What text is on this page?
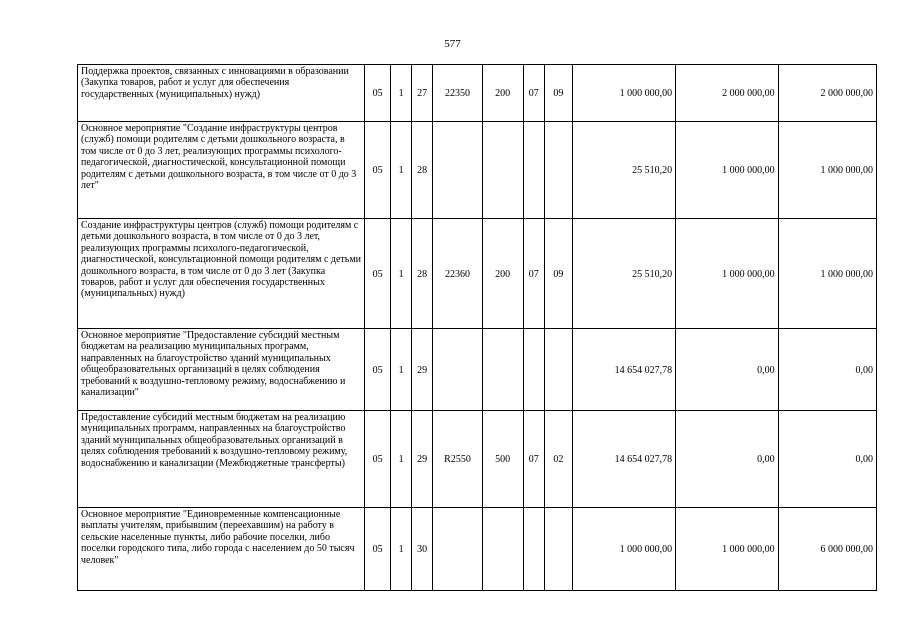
577
Поддержка проектов, связанных с инновациями в образовании (Закупка товаров, работ и услуг для обеспечения государственных (муниципальных) нужд)	05	1	27	22350	200	07	09	1 000 000,00	2 000 000,00	2 000 000,00
Основное мероприятие "Создание инфраструктуры центров (служб) помощи родителям с детьми дошкольного возраста, в том числе от 0 до 3 лет, реализующих программы психолого-педагогической, диагностической, консультационной помощи родителям с детьми дошкольного возраста, в том числе от 0 до 3 лет"	05	1	28					25 510,20	1 000 000,00	1 000 000,00
Создание инфраструктуры центров (служб) помощи родителям с детьми дошкольного возраста, в том числе от 0 до 3 лет, реализующих программы психолого-педагогической, диагностической, консультационной помощи родителям с детьми дошкольного возраста, в том числе от 0 до 3 лет (Закупка товаров, работ и услуг для обеспечения государственных (муниципальных) нужд)	05	1	28	22360	200	07	09	25 510,20	1 000 000,00	1 000 000,00
Основное мероприятие "Предоставление субсидий местным бюджетам на реализацию муниципальных программ, направленных на благоустройство зданий муниципальных общеобразовательных организаций в целях соблюдения требований к воздушно-тепловому режиму, водоснабжению и канализации"	05	1	29					14 654 027,78	0,00	0,00
Предоставление субсидий местным бюджетам на реализацию муниципальных программ, направленных на благоустройство зданий муниципальных общеобразовательных организаций в целях соблюдения требований к воздушно-тепловому режиму, водоснабжению и канализации (Межбюджетные трансферты)	05	1	29	R2550	500	07	02	14 654 027,78	0,00	0,00
Основное мероприятие "Единовременные компенсационные выплаты учителям, прибывшим (переехавшим) на работу в сельские населенные пункты, либо рабочие поселки, либо поселки городского типа, либо города с населением до 50 тысяч человек"	05	1	30					1 000 000,00	1 000 000,00	6 000 000,00
